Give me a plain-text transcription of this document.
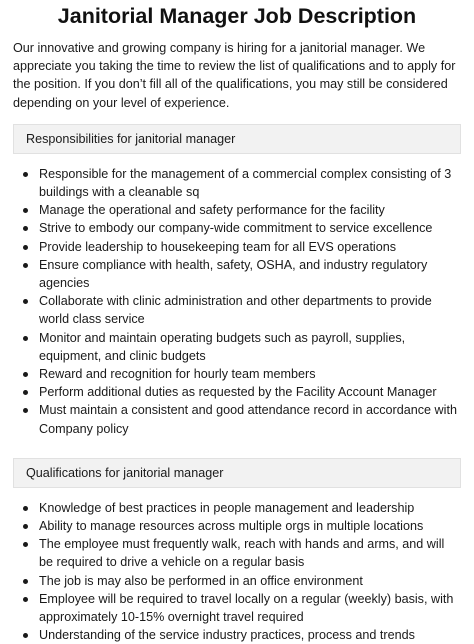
Janitorial Manager Job Description

Our innovative and growing company is hiring for a janitorial manager. We appreciate you taking the time to review the list of qualifications and to apply for the position. If you don’t fill all of the qualifications, you may still be considered depending on your level of experience.

Responsibilities for janitorial manager
Responsible for the management of a commercial complex consisting of 3 buildings with a cleanable sq
Manage the operational and safety performance for the facility
Strive to embody our company-wide commitment to service excellence
Provide leadership to housekeeping team for all EVS operations
Ensure compliance with health, safety, OSHA, and industry regulatory agencies
Collaborate with clinic administration and other departments to provide world class service
Monitor and maintain operating budgets such as payroll, supplies, equipment, and clinic budgets
Reward and recognition for hourly team members
Perform additional duties as requested by the Facility Account Manager
Must maintain a consistent and good attendance record in accordance with Company policy
Qualifications for janitorial manager
Knowledge of best practices in people management and leadership
Ability to manage resources across multiple orgs in multiple locations
The employee must frequently walk, reach with hands and arms, and will be required to drive a vehicle on a regular basis
The job is may also be performed in an office environment
Employee will be required to travel locally on a regular (weekly) basis, with approximately 10-15% overnight travel required
Understanding of the service industry practices, process and trends
